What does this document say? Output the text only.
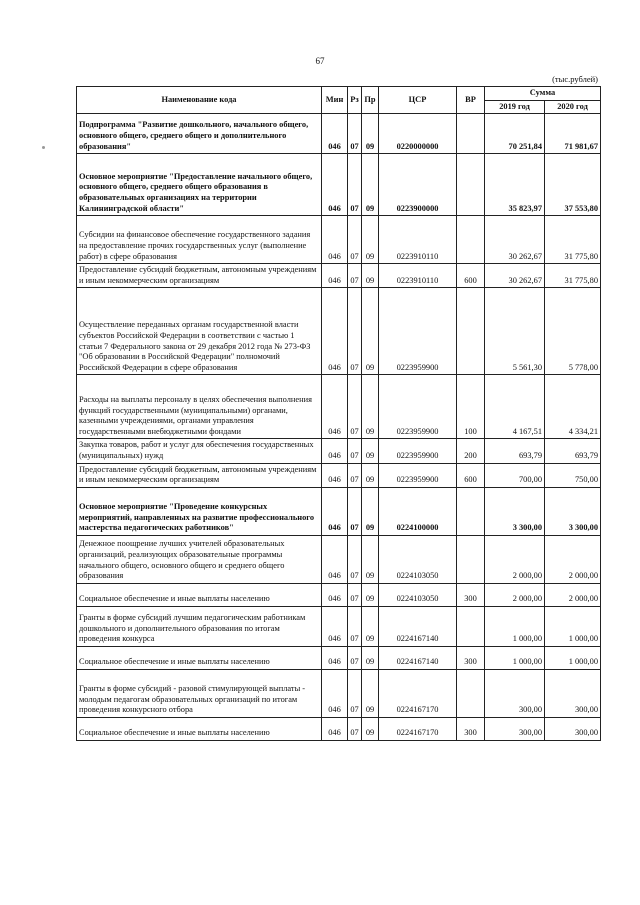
67
(тыс.рублей)
Наименование кода	Мин	Рз	Пр	ЦСР	ВР	Сумма	
						2019 год	2020 год
Подпрограмма "Развитие дошкольного, начального общего, основного общего, среднего общего и дополнительного образования"	046	07	09	0220000000		70 251,84	71 981,67
Основное мероприятие "Предоставление начального общего, основного общего, среднего общего образования в образовательных организациях на территории Калининградской области"	046	07	09	0223900000		35 823,97	37 553,80
Субсидии на финансовое обеспечение государственного задания на предоставление прочих государственных услуг (выполнение работ) в сфере образования	046	07	09	0223910110		30 262,67	31 775,80
Предоставление субсидий бюджетным, автономным учреждениям и иным некоммерческим организациям	046	07	09	0223910110	600	30 262,67	31 775,80
Осуществление переданных органам государственной власти субъектов Российской Федерации в соответствии с частью 1 статьи 7 Федерального закона от 29 декабря 2012 года № 273-ФЗ "Об образовании в Российской Федерации" полномочий Российской Федерации в сфере образования	046	07	09	0223959900		5 561,30	5 778,00
Расходы на выплаты персоналу в целях обеспечения выполнения функций государственными (муниципальными) органами, казенными учреждениями, органами управления государственными внебюджетными фондами	046	07	09	0223959900	100	4 167,51	4 334,21
Закупка товаров, работ и услуг для обеспечения государственных (муниципальных) нужд	046	07	09	0223959900	200	693,79	693,79
Предоставление субсидий бюджетным, автономным учреждениям и иным некоммерческим организациям	046	07	09	0223959900	600	700,00	750,00
Основное мероприятие "Проведение конкурсных мероприятий, направленных на развитие профессионального мастерства педагогических работников"	046	07	09	0224100000		3 300,00	3 300,00
Денежное поощрение лучших учителей образовательных организаций, реализующих образовательные программы начального общего, основного общего и среднего общего образования	046	07	09	0224103050		2 000,00	2 000,00
Социальное обеспечение и иные выплаты населению	046	07	09	0224103050	300	2 000,00	2 000,00
Гранты в форме субсидий лучшим педагогическим работникам дошкольного и дополнительного образования по итогам проведения конкурса	046	07	09	0224167140		1 000,00	1 000,00
Социальное обеспечение и иные выплаты населению	046	07	09	0224167140	300	1 000,00	1 000,00
Гранты в форме субсидий - разовой стимулирующей выплаты - молодым педагогам образовательных организаций по итогам проведения конкурсного отбора	046	07	09	0224167170		300,00	300,00
Социальное обеспечение и иные выплаты населению	046	07	09	0224167170	300	300,00	300,00
